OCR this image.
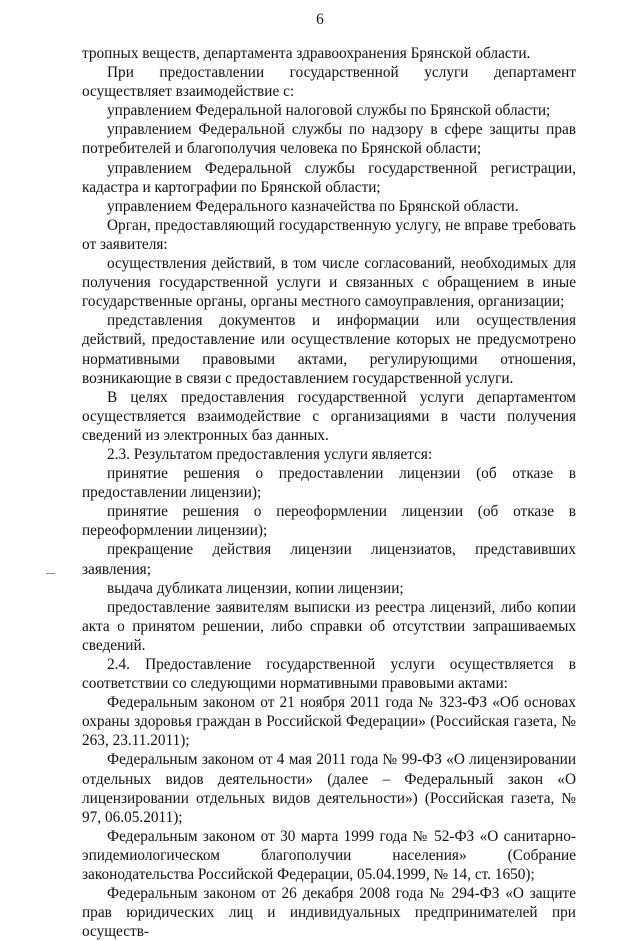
6

тропных веществ, департамента здравоохранения Брянской области.

При предоставлении государственной услуги департамент осуществляет взаимодействие с:

управлением Федеральной налоговой службы по Брянской области;

управлением Федеральной службы по надзору в сфере защиты прав потребителей и благополучия человека по Брянской области;

управлением Федеральной службы государственной регистрации, кадастра и картографии по Брянской области;

управлением Федерального казначейства по Брянской области.

Орган, предоставляющий государственную услугу, не вправе требовать от заявителя:

осуществления действий, в том числе согласований, необходимых для получения государственной услуги и связанных с обращением в иные государственные органы, органы местного самоуправления, организации;

представления документов и информации или осуществления действий, предоставление или осуществление которых не предусмотрено нормативными правовыми актами, регулирующими отношения, возникающие в связи с предоставлением государственной услуги.

В целях предоставления государственной услуги департаментом осуществляется взаимодействие с организациями в части получения сведений из электронных баз данных.

2.3. Результатом предоставления услуги является:

принятие решения о предоставлении лицензии (об отказе в предоставлении лицензии);

принятие решения о переоформлении лицензии (об отказе в переоформлении лицензии);

прекращение действия лицензии лицензиатов, представивших заявления;

выдача дубликата лицензии, копии лицензии;

предоставление заявителям выписки из реестра лицензий, либо копии акта о принятом решении, либо справки об отсутствии запрашиваемых сведений.

2.4. Предоставление государственной услуги осуществляется в соответствии со следующими нормативными правовыми актами:

Федеральным законом от 21 ноября 2011 года № 323-ФЗ «Об основах охраны здоровья граждан в Российской Федерации» (Российская газета, № 263, 23.11.2011);

Федеральным законом от 4 мая 2011 года № 99-ФЗ «О лицензировании отдельных видов деятельности» (далее – Федеральный закон «О лицензировании отдельных видов деятельности») (Российская газета, № 97, 06.05.2011);

Федеральным законом от 30 марта 1999 года № 52-ФЗ «О санитарно-эпидемиологическом благополучии населения» (Собрание законодательства Российской Федерации, 05.04.1999, № 14, ст. 1650);

Федеральным законом от 26 декабря 2008 года № 294-ФЗ «О защите прав юридических лиц и индивидуальных предпринимателей при осуществ-
